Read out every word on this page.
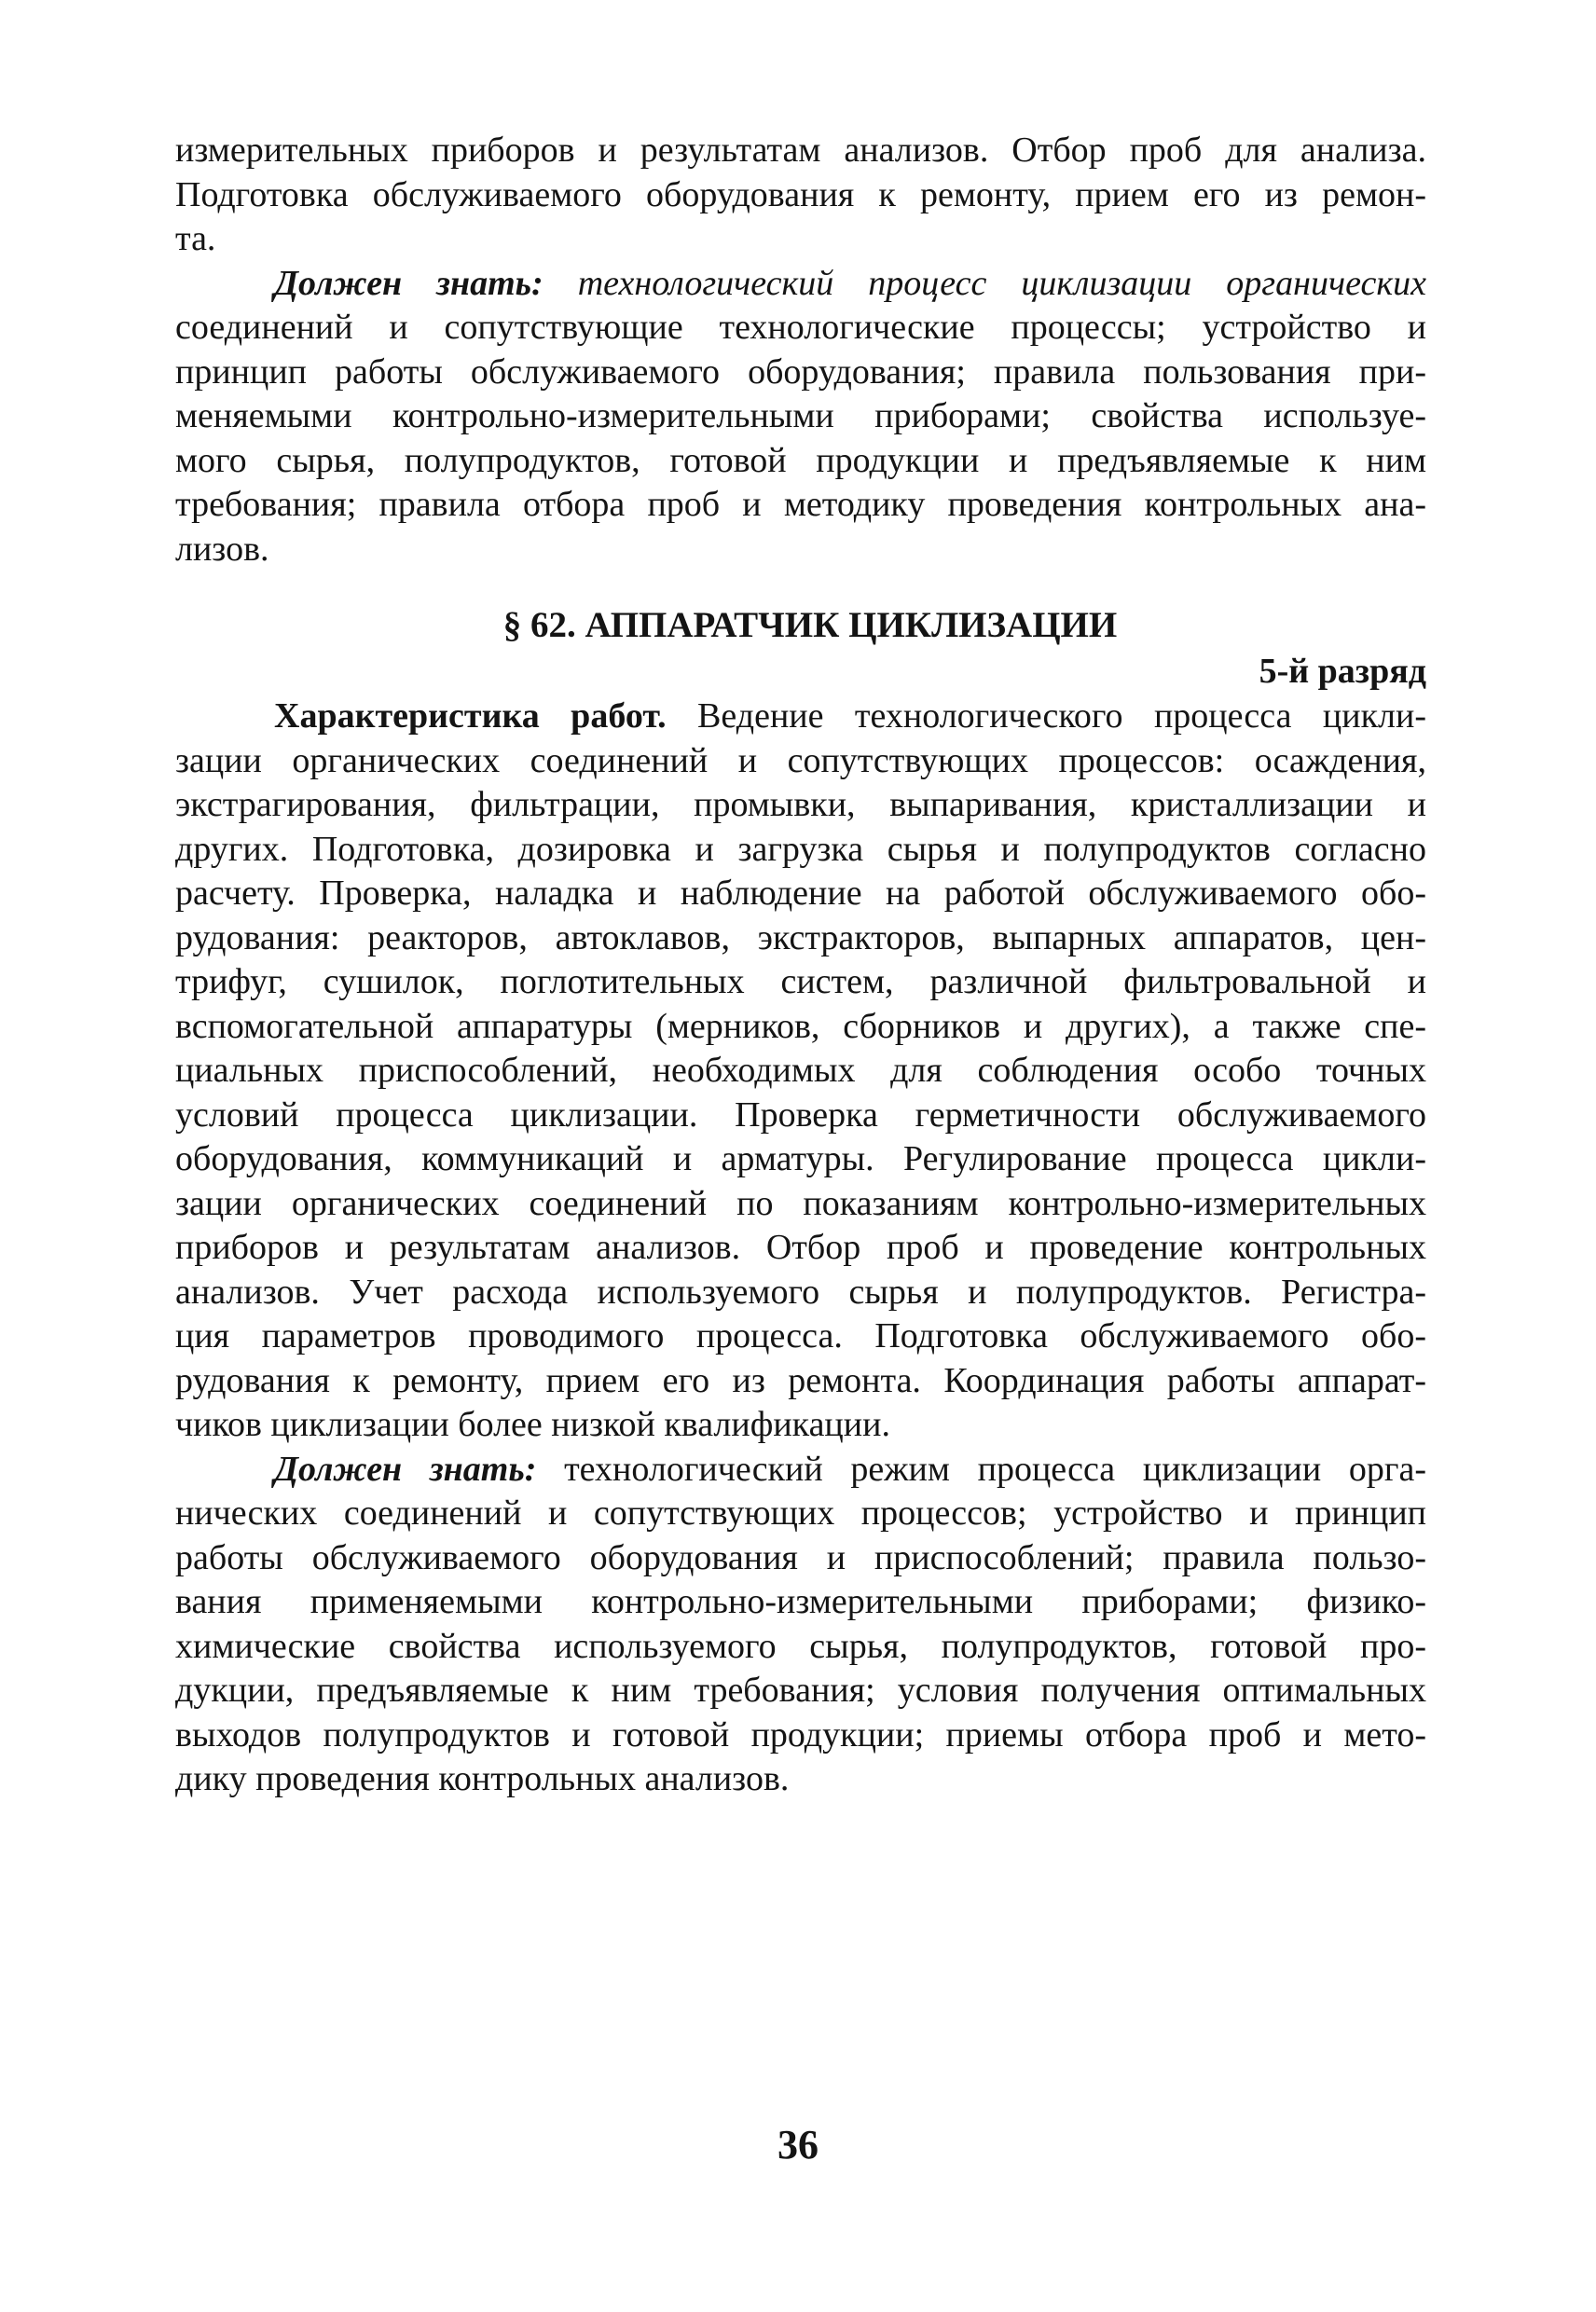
измерительных приборов и результатам анализов. Отбор проб для анализа.
Подготовка обслуживаемого оборудования к ремонту, прием его из ремон-
та.
Должен знать: технологический процесс циклизации органических
соединений и сопутствующие технологические процессы; устройство и
принцип работы обслуживаемого оборудования; правила пользования при-
меняемыми контрольно-измерительными приборами; свойства используе-
мого сырья, полупродуктов, готовой продукции и предъявляемые к ним
требования; правила отбора проб и методику проведения контрольных ана-
лизов.
§ 62. АППАРАТЧИК ЦИКЛИЗАЦИИ
5-й разряд
Характеристика работ. Ведение технологического процесса цикли-
зации органических соединений и сопутствующих процессов: осаждения,
экстрагирования, фильтрации, промывки, выпаривания, кристаллизации и
других. Подготовка, дозировка и загрузка сырья и полупродуктов согласно
расчету. Проверка, наладка и наблюдение на работой обслуживаемого обо-
рудования: реакторов, автоклавов, экстракторов, выпарных аппаратов, цен-
трифуг, сушилок, поглотительных систем, различной фильтровальной и
вспомогательной аппаратуры (мерников, сборников и других), а также спе-
циальных приспособлений, необходимых для соблюдения особо точных
условий процесса циклизации. Проверка герметичности обслуживаемого
оборудования, коммуникаций и арматуры. Регулирование процесса цикли-
зации органических соединений по показаниям контрольно-измерительных
приборов и результатам анализов. Отбор проб и проведение контрольных
анализов. Учет расхода используемого сырья и полупродуктов. Регистра-
ция параметров проводимого процесса. Подготовка обслуживаемого обо-
рудования к ремонту, прием его из ремонта. Координация работы аппарат-
чиков циклизации более низкой квалификации.
Должен знать: технологический режим процесса циклизации орга-
нических соединений и сопутствующих процессов; устройство и принцип
работы обслуживаемого оборудования и приспособлений; правила пользо-
вания применяемыми контрольно-измерительными приборами; физико-
химические свойства используемого сырья, полупродуктов, готовой про-
дукции, предъявляемые к ним требования; условия получения оптимальных
выходов полупродуктов и готовой продукции; приемы отбора проб и мето-
дику проведения контрольных анализов.
36
